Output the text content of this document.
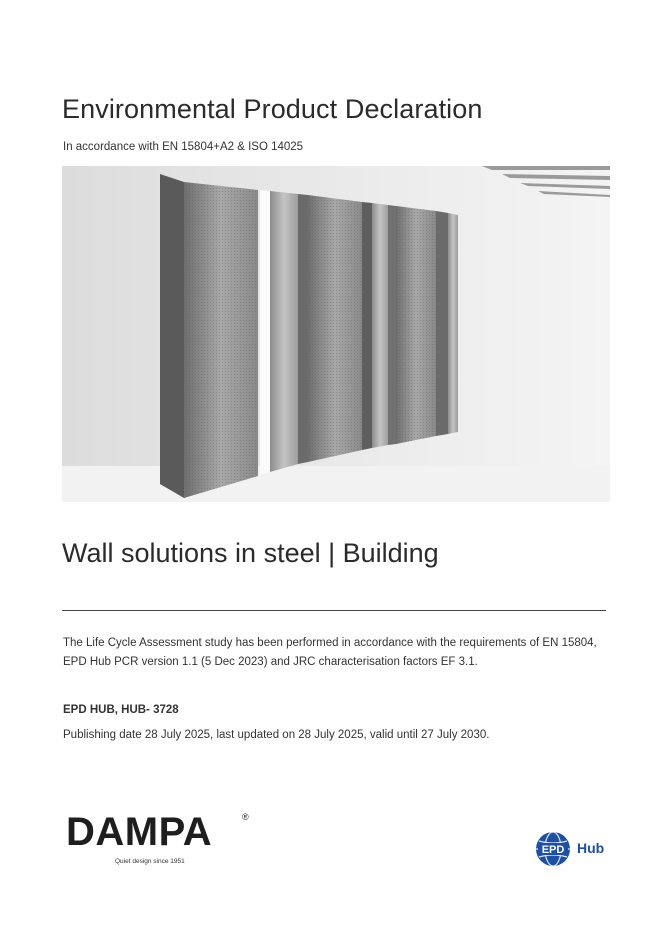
Environmental Product Declaration
In accordance with EN 15804+A2 & ISO 14025
Wall solutions in steel | Building

The Life Cycle Assessment study has been performed in accordance with the requirements of EN 15804, EPD Hub PCR version 1.1 (5 Dec 2023) and JRC characterisation factors EF 3.1.

EPD HUB, HUB- 3728
Publishing date 28 July 2025, last updated on 28 July 2025, valid until 27 July 2030.
DAMPA	®
Quiet design since 1951
EPD Hub
